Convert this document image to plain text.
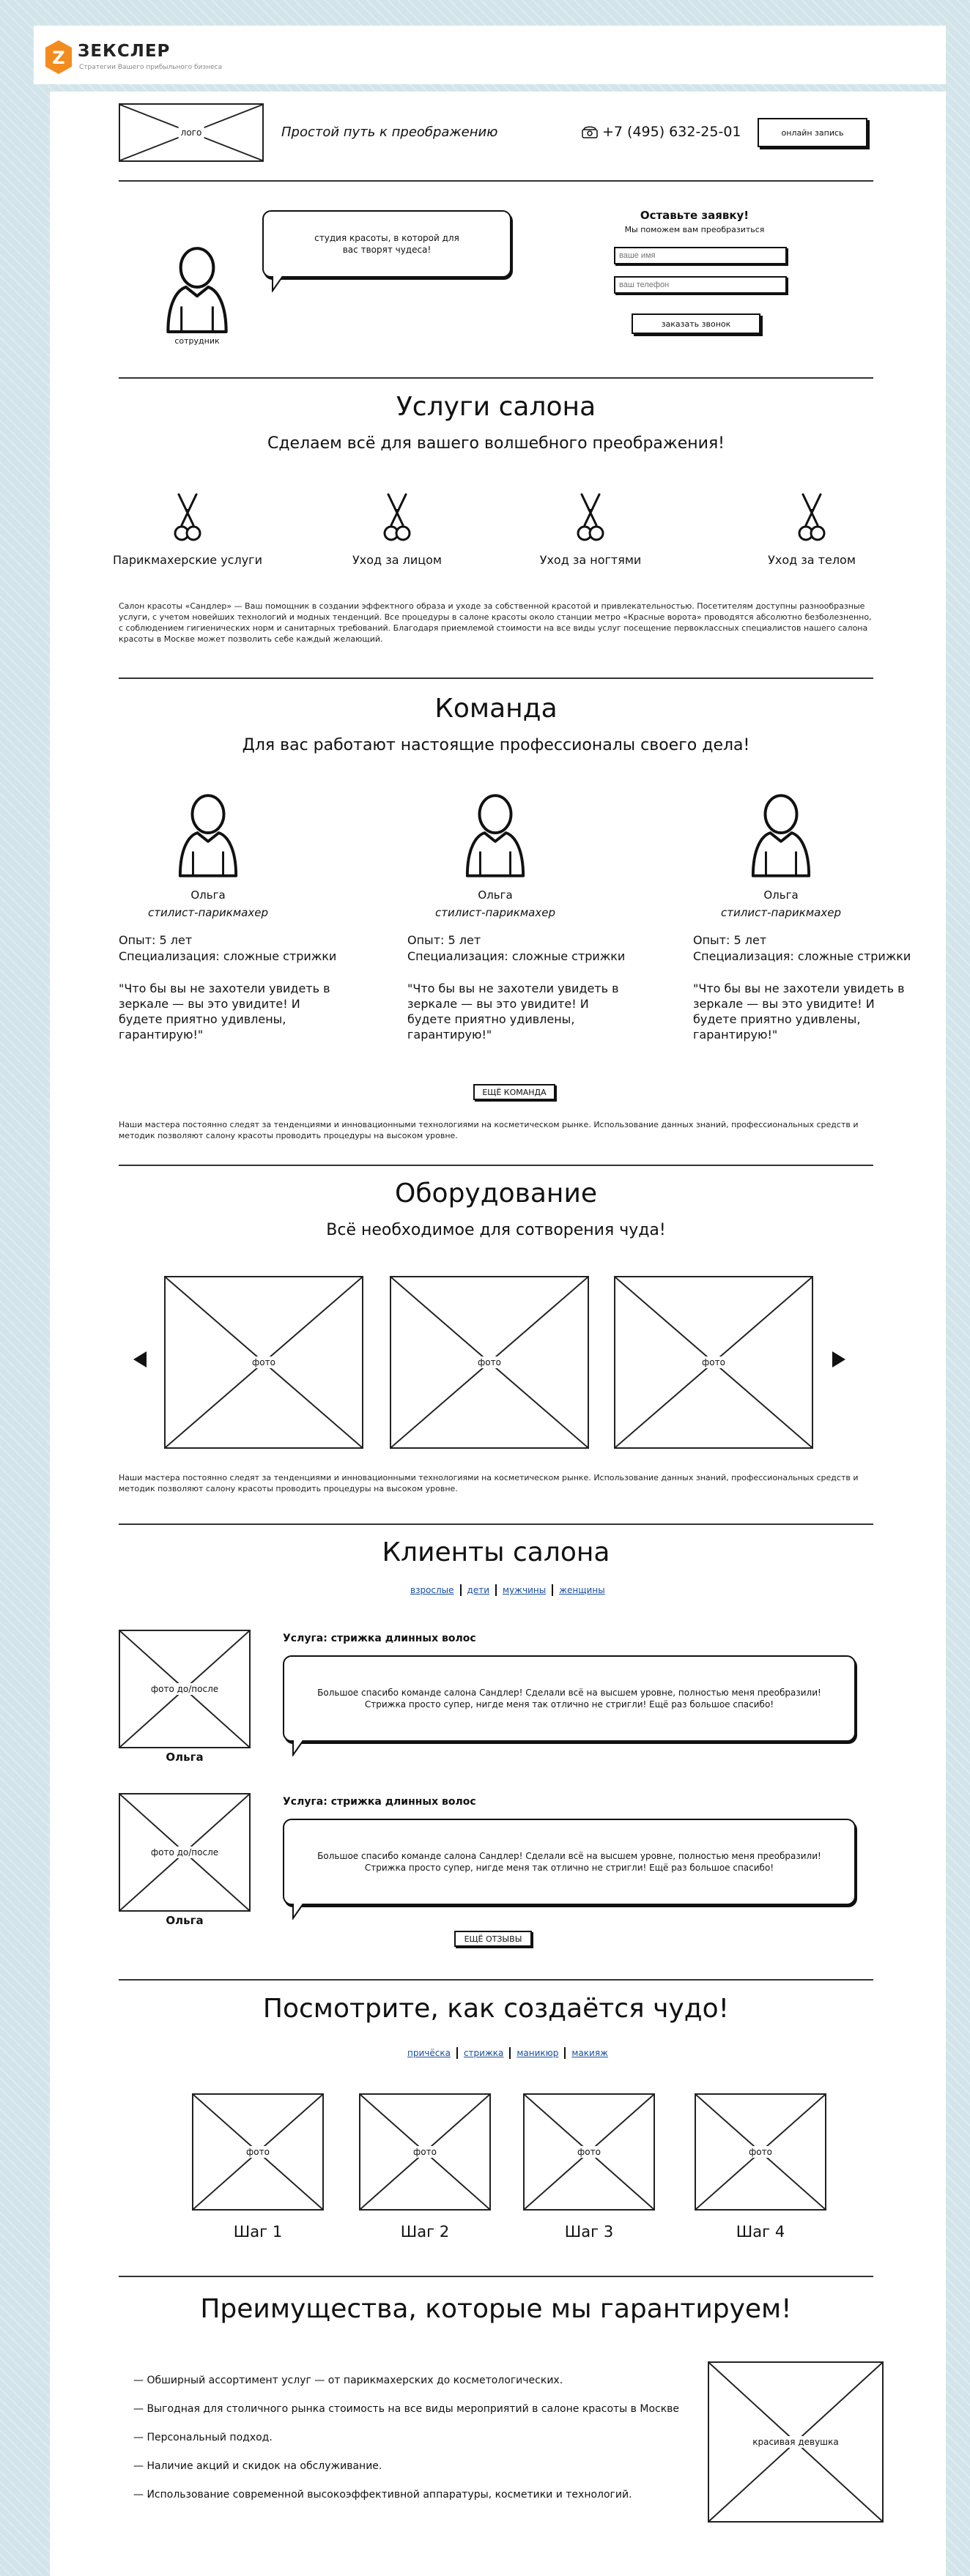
Z ЗЕКСЛЕР
Стратегии Вашего прибыльного бизнеса
лого	Простой путь к преображению	+7 (495) 632-25-01	онлайн запись
сотрудник
студия красоты, в которой для вас творят чудеса!
Оставьте заявку!
Мы поможем вам преобразиться
ваше имя
ваш телефон
заказать звонок
Услуги салона
Сделаем всё для вашего волшебного преображения!
Парикмахерские услуги	Уход за лицом	Уход за ногтями	Уход за телом
Салон красоты «Сандлер» — Ваш помощник в создании эффектного образа и уходе за собственной красотой и привлекательностью. Посетителям доступны разнообразные услуги, с учетом новейших технологий и модных тенденций. Все процедуры в салоне красоты около станции метро «Красные ворота» проводятся абсолютно безболезненно, с соблюдением гигиенических норм и санитарных требований. Благодаря приемлемой стоимости на все виды услуг посещение первоклассных специалистов нашего салона красоты в Москве может позволить себе каждый желающий.
Команда
Для вас работают настоящие профессионалы своего дела!
Ольга
стилист-парикмахер
Опыт: 5 лет
Специализация: сложные стрижки
"Что бы вы не захотели увидеть в зеркале — вы это увидите! И будете приятно удивлены, гарантирую!"
Ольга
стилист-парикмахер
Опыт: 5 лет
Специализация: сложные стрижки
"Что бы вы не захотели увидеть в зеркале — вы это увидите! И будете приятно удивлены, гарантирую!"
Ольга
стилист-парикмахер
Опыт: 5 лет
Специализация: сложные стрижки
"Что бы вы не захотели увидеть в зеркале — вы это увидите! И будете приятно удивлены, гарантирую!"
ЕЩЁ КОМАНДА
Наши мастера постоянно следят за тенденциями и инновационными технологиями на косметическом рынке. Использование данных знаний, профессиональных средств и методик позволяют салону красоты проводить процедуры на высоком уровне.
Оборудование
Всё необходимое для сотворения чуда!
фото	фото	фото
Наши мастера постоянно следят за тенденциями и инновационными технологиями на косметическом рынке. Использование данных знаний, профессиональных средств и методик позволяют салону красоты проводить процедуры на высоком уровне.
Клиенты салона
взрослые	дети	мужчины	женщины
фото до/после
Ольга
Услуга: стрижка длинных волос
Большое спасибо команде салона Сандлер! Сделали всё на высшем уровне, полностью меня преобразили! Стрижка просто супер, нигде меня так отлично не стригли! Ещё раз большое спасибо!
фото до/после
Ольга
Услуга: стрижка длинных волос
Большое спасибо команде салона Сандлер! Сделали всё на высшем уровне, полностью меня преобразили! Стрижка просто супер, нигде меня так отлично не стригли! Ещё раз большое спасибо!
ЕЩЁ ОТЗЫВЫ
Посмотрите, как создаётся чудо!
причёска	стрижка	маникюр	макияж
фото	фото	фото	фото
Шаг 1	Шаг 2	Шаг 3	Шаг 4
Преимущества, которые мы гарантируем!
— Обширный ассортимент услуг — от парикмахерских до косметологических.
— Выгодная для столичного рынка стоимость на все виды мероприятий в салоне красоты в Москве
— Персональный подход.
— Наличие акций и скидок на обслуживание.
— Использование современной высокоэффективной аппаратуры, косметики и технологий.
красивая девушка
